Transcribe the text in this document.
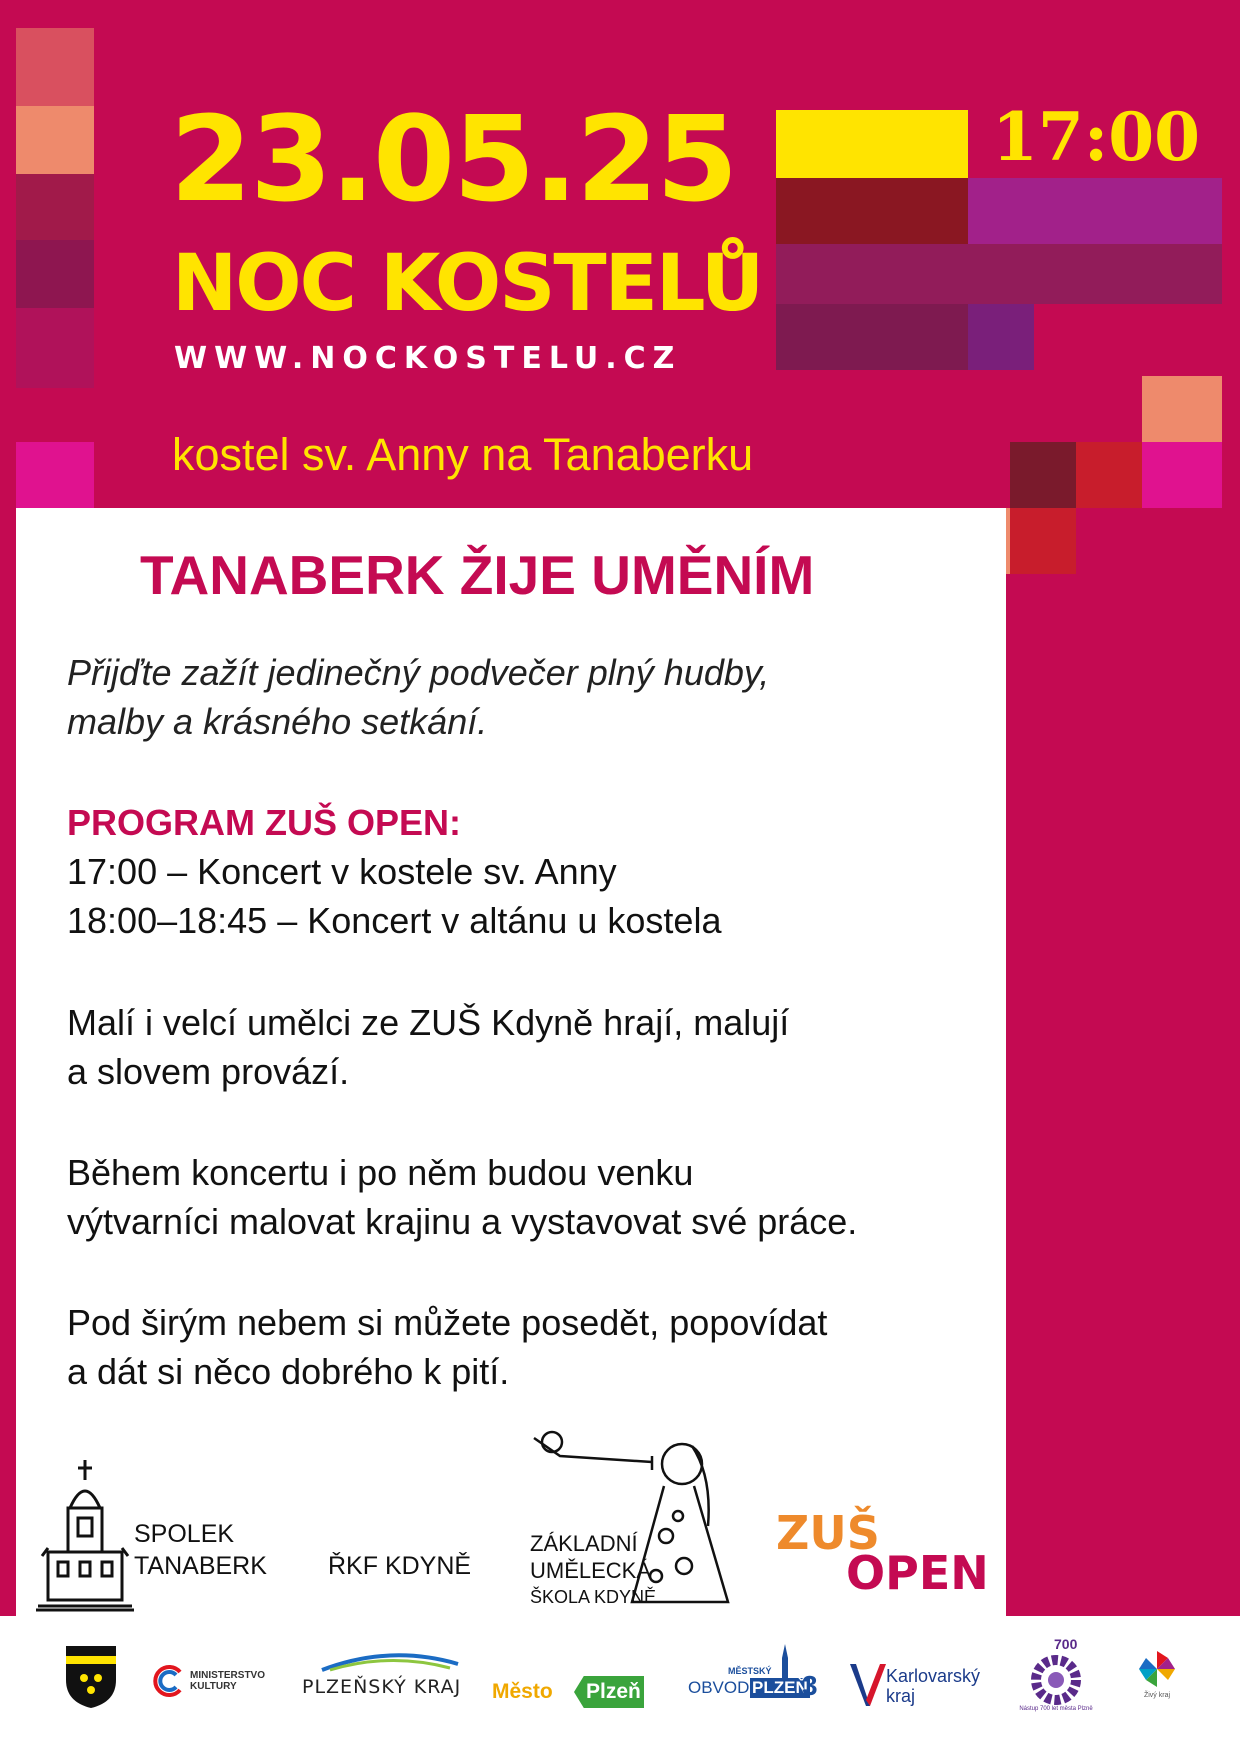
23.05.25	17:00
NOC KOSTELŮ
WWW.NOCKOSTELU.CZ
kostel sv. Anny na Tanaberku
TANABERK ŽIJE UMĚNÍM
Přijďte zažít jedinečný podvečer plný hudby,
malby a krásného setkání.
PROGRAM ZUŠ OPEN:
17:00 – Koncert v kostele sv. Anny
18:00–18:45 – Koncert v altánu u kostela
Malí i velcí umělci ze ZUŠ Kdyně hrají, malují
a slovem provází.
Během koncertu i po něm budou venku
výtvarníci malovat krajinu a vystavovat své práce.
Pod širým nebem si můžete posedět, popovídat
a dát si něco dobrého k pití.
SPOLEK
TANABERK ŘKF KDYNĚ
ZÁKLADNÍ
UMĚLECKÁ
ŠKOLA KDYNĚ
ZUŠ
OPEN
MINISTERSTVO
KULTURY	PLZEŇSKÝ KRAJ Město Plzeň
MĚSTSKÝ
OBVOD PLZEŇ
3	Karlovarský
kraj
700
Nástup 700 let města Plzně
Živý kraj
